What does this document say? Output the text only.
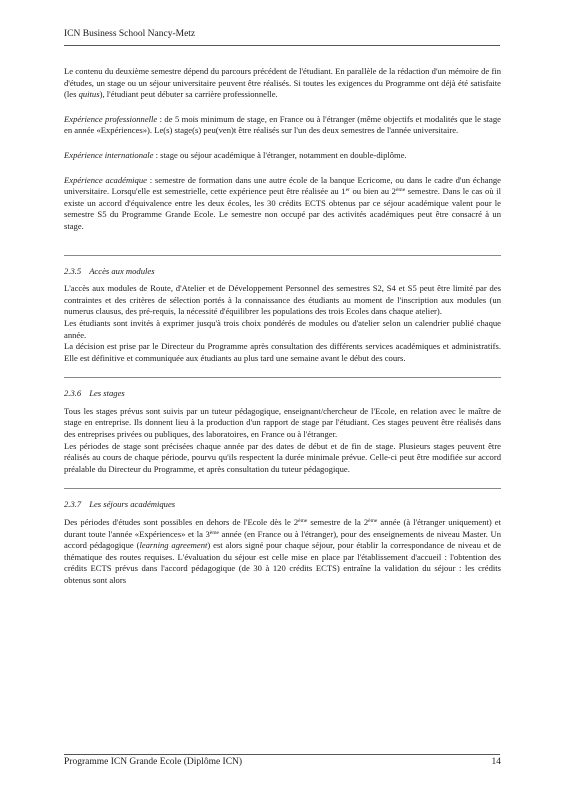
ICN Business School Nancy-Metz

Le contenu du deuxième semestre dépend du parcours précédent de l'étudiant. En parallèle de la rédaction d'un mémoire de fin d'études, un stage ou un séjour universitaire peuvent être réalisés. Si toutes les exigences du Programme ont déjà été satisfaite (les quitus), l'étudiant peut débuter sa carrière professionnelle.

Expérience professionnelle : de 5 mois minimum de stage, en France ou à l'étranger (même objectifs et modalités que le stage en année «Expériences»). Le(s) stage(s) peu(ven)t être réalisés sur l'un des deux semestres de l'année universitaire.

Expérience internationale : stage ou séjour académique à l'étranger, notamment en double-diplôme.

Expérience académique : semestre de formation dans une autre école de la banque Ecricome, ou dans le cadre d'un échange universitaire. Lorsqu'elle est semestrielle, cette expérience peut être réalisée au 1er ou bien au 2ème semestre. Dans le cas où il existe un accord d'équivalence entre les deux écoles, les 30 crédits ECTS obtenus par ce séjour académique valent pour le semestre S5 du Programme Grande Ecole. Le semestre non occupé par des activités académiques peut être consacré à un stage.

2.3.5 Accès aux modules

L'accès aux modules de Route, d'Atelier et de Développement Personnel des semestres S2, S4 et S5 peut être limité par des contraintes et des critères de sélection portés à la connaissance des étudiants au moment de l'inscription aux modules (un numerus clausus, des pré-requis, la nécessité d'équilibrer les populations des trois Ecoles dans chaque atelier).

Les étudiants sont invités à exprimer jusqu'à trois choix pondérés de modules ou d'atelier selon un calendrier publié chaque année.

La décision est prise par le Directeur du Programme après consultation des différents services académiques et administratifs. Elle est définitive et communiquée aux étudiants au plus tard une semaine avant le début des cours.

2.3.6 Les stages

Tous les stages prévus sont suivis par un tuteur pédagogique, enseignant/chercheur de l'Ecole, en relation avec le maître de stage en entreprise. Ils donnent lieu à la production d'un rapport de stage par l'étudiant. Ces stages peuvent être réalisés dans des entreprises privées ou publiques, des laboratoires, en France ou à l'étranger.

Les périodes de stage sont précisées chaque année par des dates de début et de fin de stage. Plusieurs stages peuvent être réalisés au cours de chaque période, pourvu qu'ils respectent la durée minimale prévue. Celle-ci peut être modifiée sur accord préalable du Directeur du Programme, et après consultation du tuteur pédagogique.

2.3.7 Les séjours académiques

Des périodes d'études sont possibles en dehors de l'Ecole dès le 2ème semestre de la 2ème année (à l'étranger uniquement) et durant toute l'année «Expériences» et la 3ème année (en France ou à l'étranger), pour des enseignements de niveau Master. Un accord pédagogique (learning agreement) est alors signé pour chaque séjour, pour établir la correspondance de niveau et de thématique des routes requises. L'évaluation du séjour est celle mise en place par l'établissement d'accueil : l'obtention des crédits ECTS prévus dans l'accord pédagogique (de 30 à 120 crédits ECTS) entraîne la validation du séjour : les crédits obtenus sont alors

Programme ICN Grande Ecole (Diplôme ICN)	14
